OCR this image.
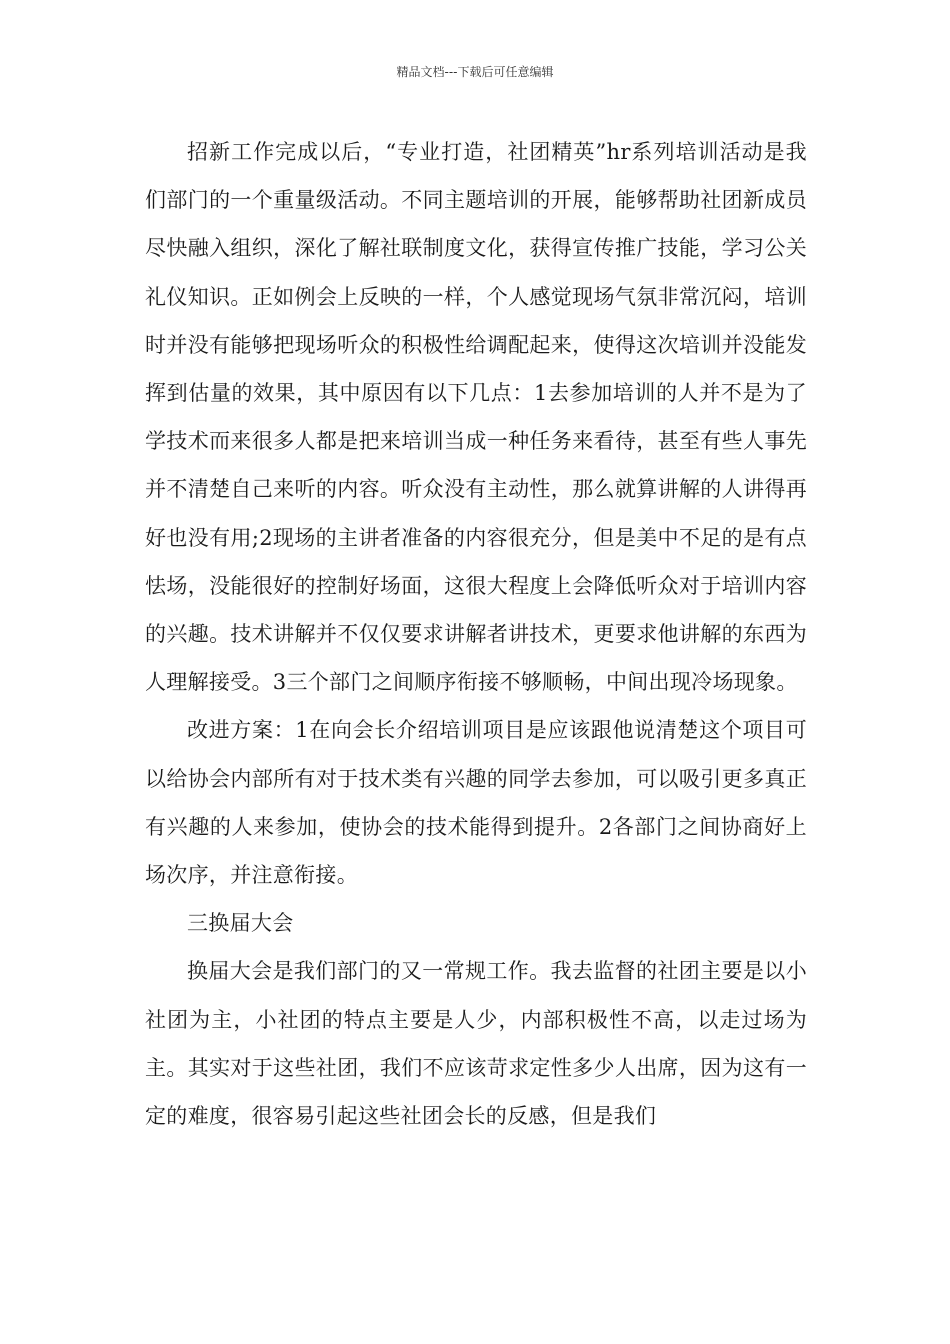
精品文档---下载后可任意编辑

招新工作完成以后，“专业打造，社团精英”hr系列培训活动是我们部门的一个重量级活动。不同主题培训的开展，能够帮助社团新成员尽快融入组织，深化了解社联制度文化，获得宣传推广技能，学习公关礼仪知识。正如例会上反映的一样，个人感觉现场气氛非常沉闷，培训时并没有能够把现场听众的积极性给调配起来，使得这次培训并没能发挥到估量的效果，其中原因有以下几点：1去参加培训的人并不是为了学技术而来很多人都是把来培训当成一种任务来看待，甚至有些人事先并不清楚自己来听的内容。听众没有主动性，那么就算讲解的人讲得再好也没有用;2现场的主讲者准备的内容很充分，但是美中不足的是有点怯场，没能很好的控制好场面，这很大程度上会降低听众对于培训内容的兴趣。技术讲解并不仅仅要求讲解者讲技术，更要求他讲解的东西为人理解接受。3三个部门之间顺序衔接不够顺畅，中间出现冷场现象。

改进方案：1在向会长介绍培训项目是应该跟他说清楚这个项目可以给协会内部所有对于技术类有兴趣的同学去参加，可以吸引更多真正有兴趣的人来参加，使协会的技术能得到提升。2各部门之间协商好上场次序，并注意衔接。

三换届大会

换届大会是我们部门的又一常规工作。我去监督的社团主要是以小社团为主，小社团的特点主要是人少，内部积极性不高，以走过场为主。其实对于这些社团，我们不应该苛求定性多少人出席，因为这有一定的难度，很容易引起这些社团会长的反感，但是我们
